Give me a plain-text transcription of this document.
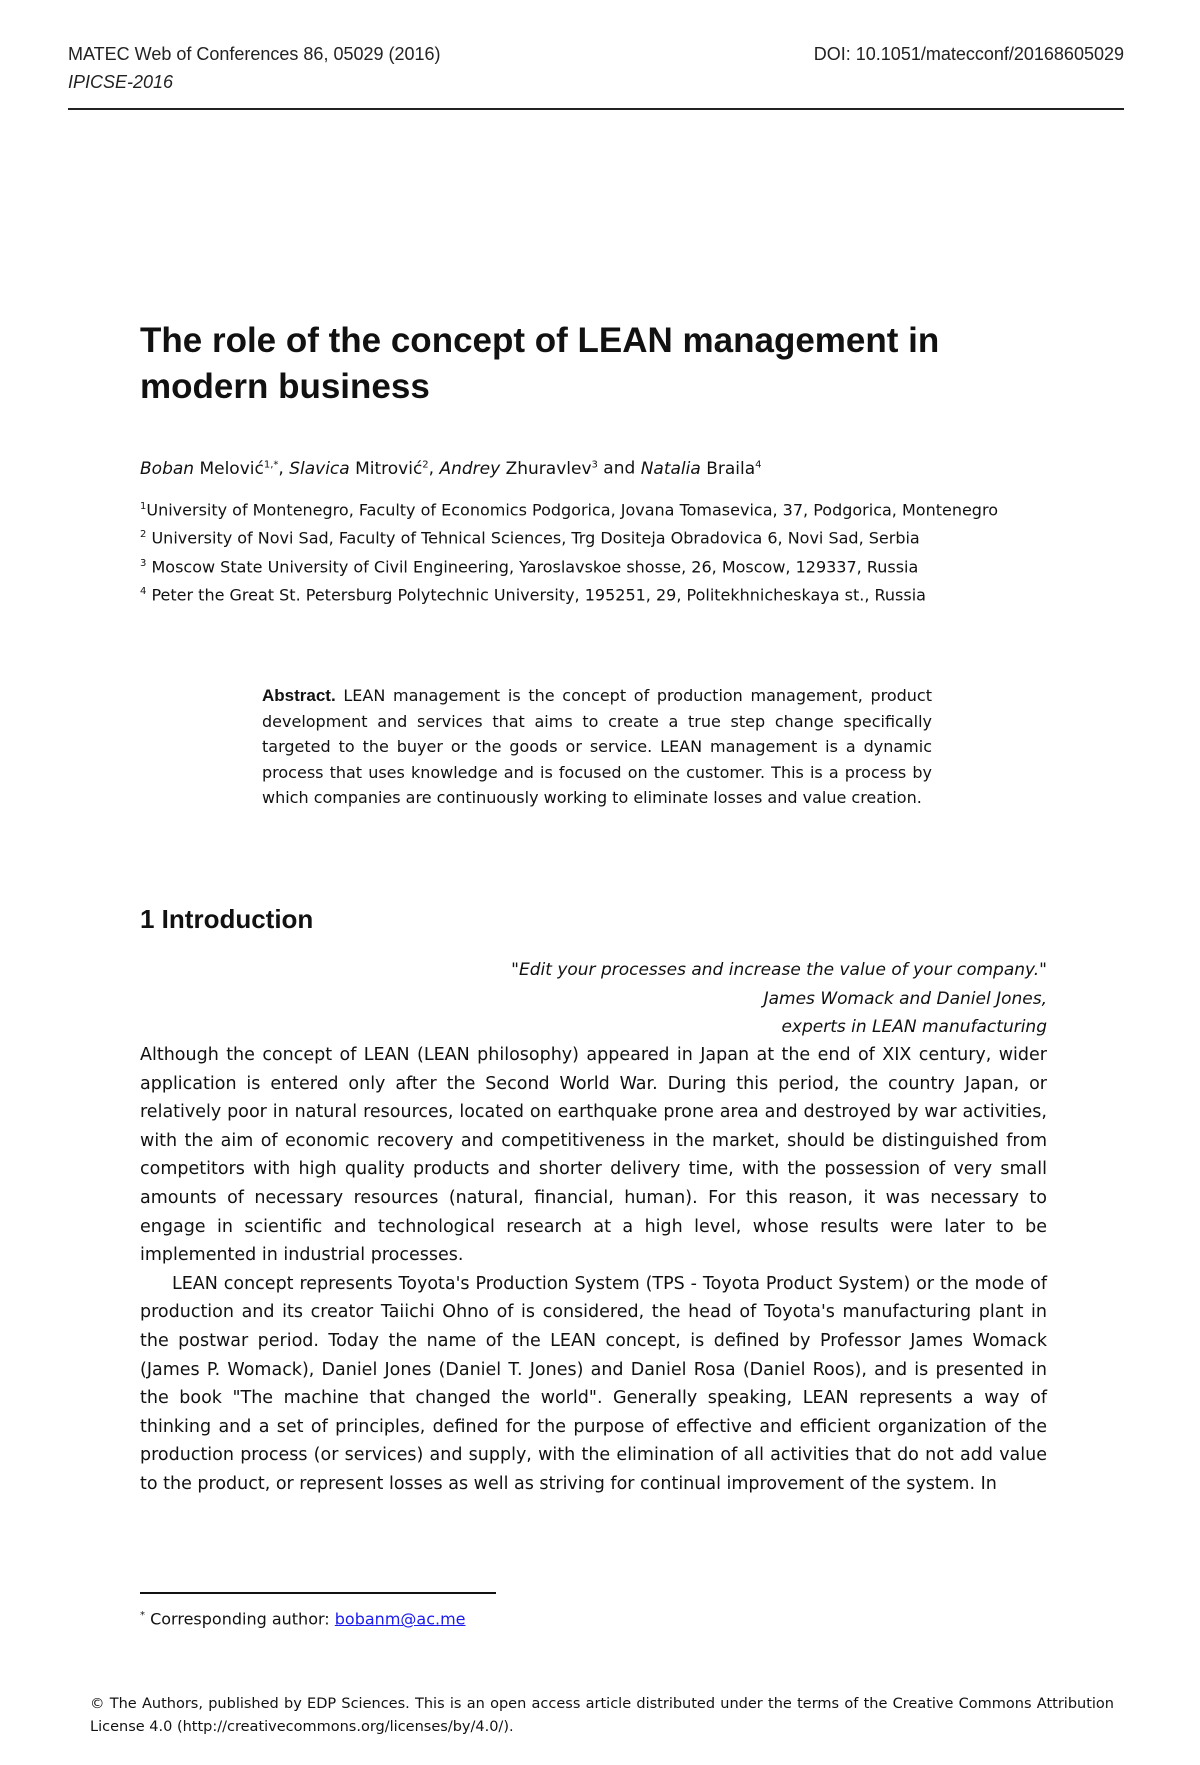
MATEC Web of Conferences 86, 05029 (2016)	DOI: 10.1051/matecconf/20168605029
IPICSE-2016
The role of the concept of LEAN management in modern business
Boban Melović$^{1,*}$, Slavica Mitrović$^2$, Andrey Zhuravlev$^3$ and Natalia Braila$^4$

$^1$University of Montenegro, Faculty of Economics Podgorica, Jovana Tomasevica, 37, Podgorica, Montenegro

$^2$ University of Novi Sad, Faculty of Tehnical Sciences, Trg Dositeja Obradovica 6, Novi Sad, Serbia

$^3$ Moscow State University of Civil Engineering, Yaroslavskoe shosse, 26, Moscow, 129337, Russia

$^4$ Peter the Great St. Petersburg Polytechnic University, 195251, 29, Politekhnicheskaya st., Russia

Abstract. LEAN management is the concept of production management, product development and services that aims to create a true step change specifically targeted to the buyer or the goods or service. LEAN management is a dynamic process that uses knowledge and is focused on the customer. This is a process by which companies are continuously working to eliminate losses and value creation.

1 Introduction
"Edit your processes and increase the value of your company."
James Womack and Daniel Jones,
experts in LEAN manufacturing

Although the concept of LEAN (LEAN philosophy) appeared in Japan at the end of XIX century, wider application is entered only after the Second World War. During this period, the country Japan, or relatively poor in natural resources, located on earthquake prone area and destroyed by war activities, with the aim of economic recovery and competitiveness in the market, should be distinguished from competitors with high quality products and shorter delivery time, with the possession of very small amounts of necessary resources (natural, financial, human). For this reason, it was necessary to engage in scientific and technological research at a high level, whose results were later to be implemented in industrial processes.

LEAN concept represents Toyota's Production System (TPS - Toyota Product System) or the mode of production and its creator Taiichi Ohno of is considered, the head of Toyota's manufacturing plant in the postwar period. Today the name of the LEAN concept, is defined by Professor James Womack (James P. Womack), Daniel Jones (Daniel T. Jones) and Daniel Rosa (Daniel Roos), and is presented in the book "The machine that changed the world". Generally speaking, LEAN represents a way of thinking and a set of principles, defined for the purpose of effective and efficient organization of the production process (or services) and supply, with the elimination of all activities that do not add value to the product, or represent losses as well as striving for continual improvement of the system. In

* Corresponding author: bobanm@ac.me
© The Authors, published by EDP Sciences. This is an open access article distributed under the terms of the Creative Commons Attribution License 4.0 (http://creativecommons.org/licenses/by/4.0/).
